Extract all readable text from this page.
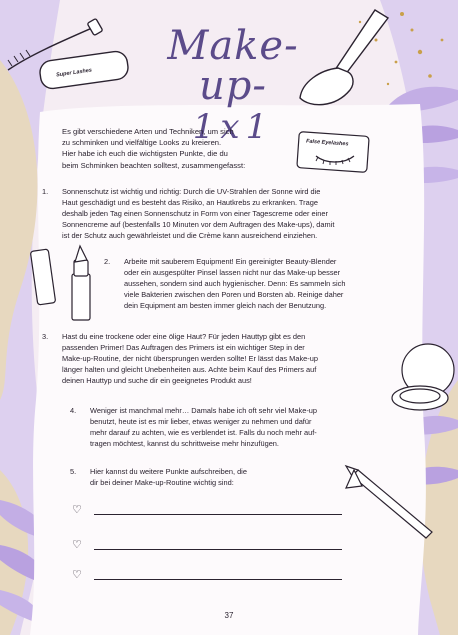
Make-up-
1x1
Super Lashes
False Eyelashes
Es gibt verschiedene Arten und Techniken, um sich
zu schminken und vielfältige Looks zu kreieren.
Hier habe ich euch die wichtigsten Punkte, die du
beim Schminken beachten solltest, zusammengefasst:
1. Sonnenschutz ist wichtig und richtig: Durch die UV-Strahlen der Sonne wird die
Haut geschädigt und es besteht das Risiko, an Hautkrebs zu erkranken. Trage
deshalb jeden Tag einen Sonnenschutz in Form von einer Tagescreme oder einer
Sonnencreme auf (bestenfalls 10 Minuten vor dem Auftragen des Make-ups), damit
ist der Schutz auch gewährleistet und die Crème kann ausreichend einziehen.
2. Arbeite mit sauberem Equipment! Ein gereinigter Beauty-Blender
oder ein ausgespülter Pinsel lassen nicht nur das Make-up besser
aussehen, sondern sind auch hygienischer. Denn: Es sammeln sich
viele Bakterien zwischen den Poren und Borsten ab. Reinige daher
dein Equipment am besten immer gleich nach der Benutzung.
3. Hast du eine trockene oder eine ölige Haut? Für jeden Hauttyp gibt es den
passenden Primer! Das Auftragen des Primers ist ein wichtiger Step in der
Make-up-Routine, der nicht übersprungen werden sollte! Er lässt das Make-up
länger halten und gleicht Unebenheiten aus. Achte beim Kauf des Primers auf
deinen Hauttyp und suche dir ein geeignetes Produkt aus!
4. Weniger ist manchmal mehr… Damals habe ich oft sehr viel Make-up
benutzt, heute ist es mir lieber, etwas weniger zu nehmen und dafür
mehr darauf zu achten, wie es verblendet ist. Falls du noch mehr auf-
tragen möchtest, kannst du schrittweise mehr hinzufügen.
5. Hier kannst du weitere Punkte aufschreiben, die
dir bei deiner Make-up-Routine wichtig sind:
♡
♡
♡
37
